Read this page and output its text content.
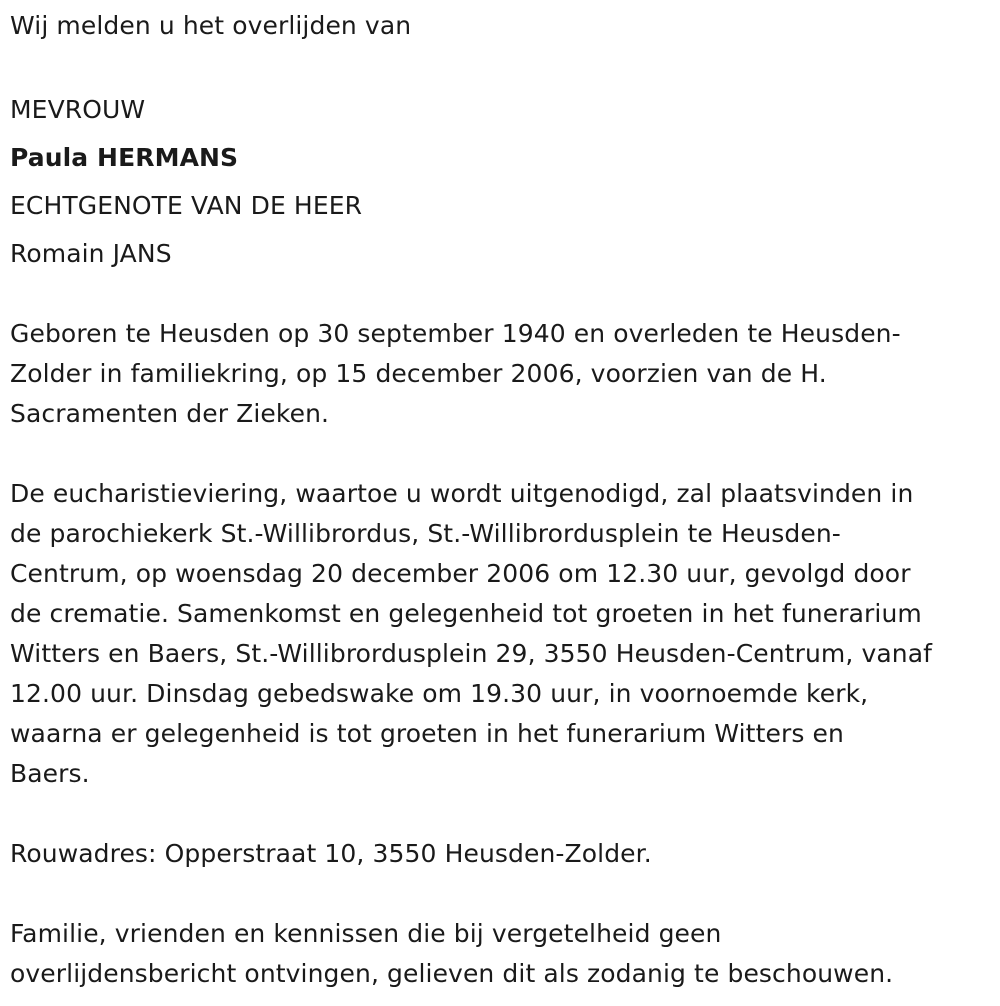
Wij melden u het overlijden van
MEVROUW
Paula HERMANS
ECHTGENOTE VAN DE HEER
Romain JANS

Geboren te Heusden op 30 september 1940 en overleden te Heusden-
Zolder in familiekring, op 15 december 2006, voorzien van de H.
Sacramenten der Zieken.

De eucharistieviering, waartoe u wordt uitgenodigd, zal plaatsvinden in
de parochiekerk St.-Willibrordus, St.-Willibrordusplein te Heusden-
Centrum, op woensdag 20 december 2006 om 12.30 uur, gevolgd door
de crematie. Samenkomst en gelegenheid tot groeten in het funerarium
Witters en Baers, St.-Willibrordusplein 29, 3550 Heusden-Centrum, vanaf
12.00 uur. Dinsdag gebedswake om 19.30 uur, in voornoemde kerk,
waarna er gelegenheid is tot groeten in het funerarium Witters en
Baers.

Rouwadres: Opperstraat 10, 3550 Heusden-Zolder.

Familie, vrienden en kennissen die bij vergetelheid geen
overlijdensbericht ontvingen, gelieven dit als zodanig te beschouwen.
